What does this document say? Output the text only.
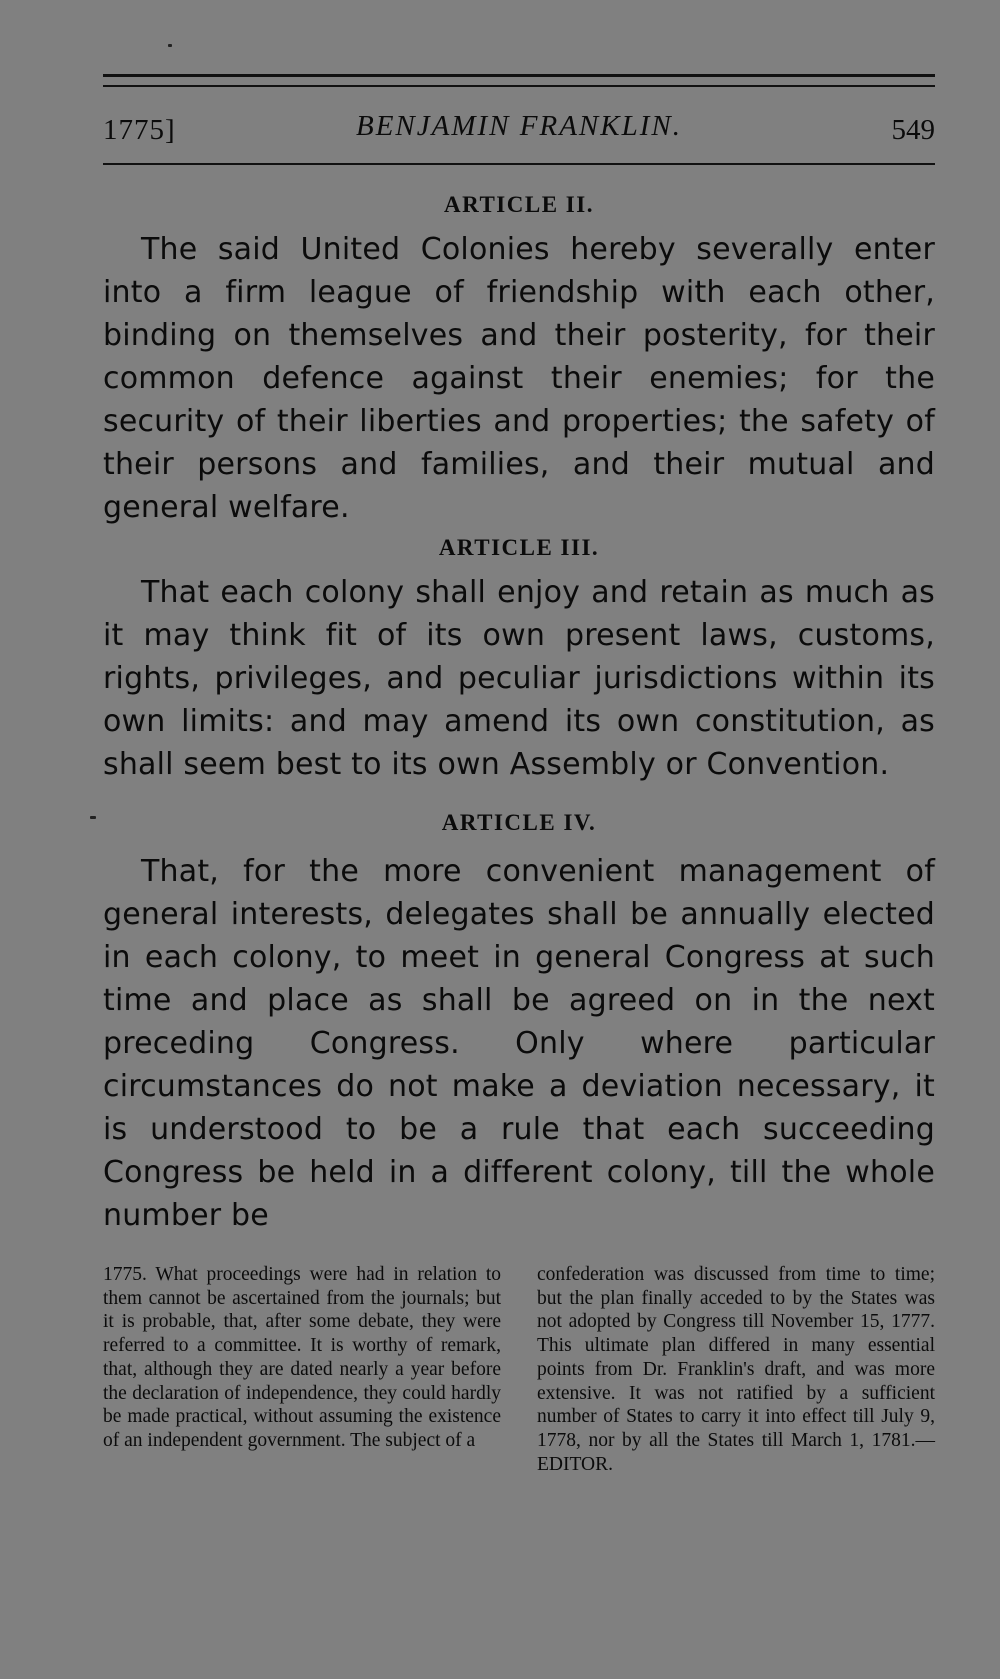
1775]	BENJAMIN FRANKLIN.	549
ARTICLE II.

The said United Colonies hereby severally enter into a firm league of friendship with each other, binding on themselves and their posterity, for their common defence against their enemies; for the security of their liberties and properties; the safety of their persons and families, and their mutual and general welfare.

ARTICLE III.

That each colony shall enjoy and retain as much as it may think fit of its own present laws, customs, rights, privileges, and peculiar jurisdictions within its own limits: and may amend its own constitution, as shall seem best to its own Assembly or Convention.

ARTICLE IV.

That, for the more convenient management of general interests, delegates shall be annually elected in each colony, to meet in general Congress at such time and place as shall be agreed on in the next preceding Congress. Only where particular circumstances do not make a deviation necessary, it is understood to be a rule that each succeeding Congress be held in a different colony, till the whole number be

1775. What proceedings were had in relation to them cannot be ascertained from the journals; but it is probable, that, after some debate, they were referred to a committee. It is worthy of remark, that, although they are dated nearly a year before the declaration of independence, they could hardly be made practical, without assuming the existence of an independent government. The subject of a

confederation was discussed from time to time; but the plan finally acceded to by the States was not adopted by Congress till November 15, 1777. This ultimate plan differed in many essential points from Dr. Franklin's draft, and was more extensive. It was not ratified by a sufficient number of States to carry it into effect till July 9, 1778, nor by all the States till March 1, 1781.—EDITOR.
